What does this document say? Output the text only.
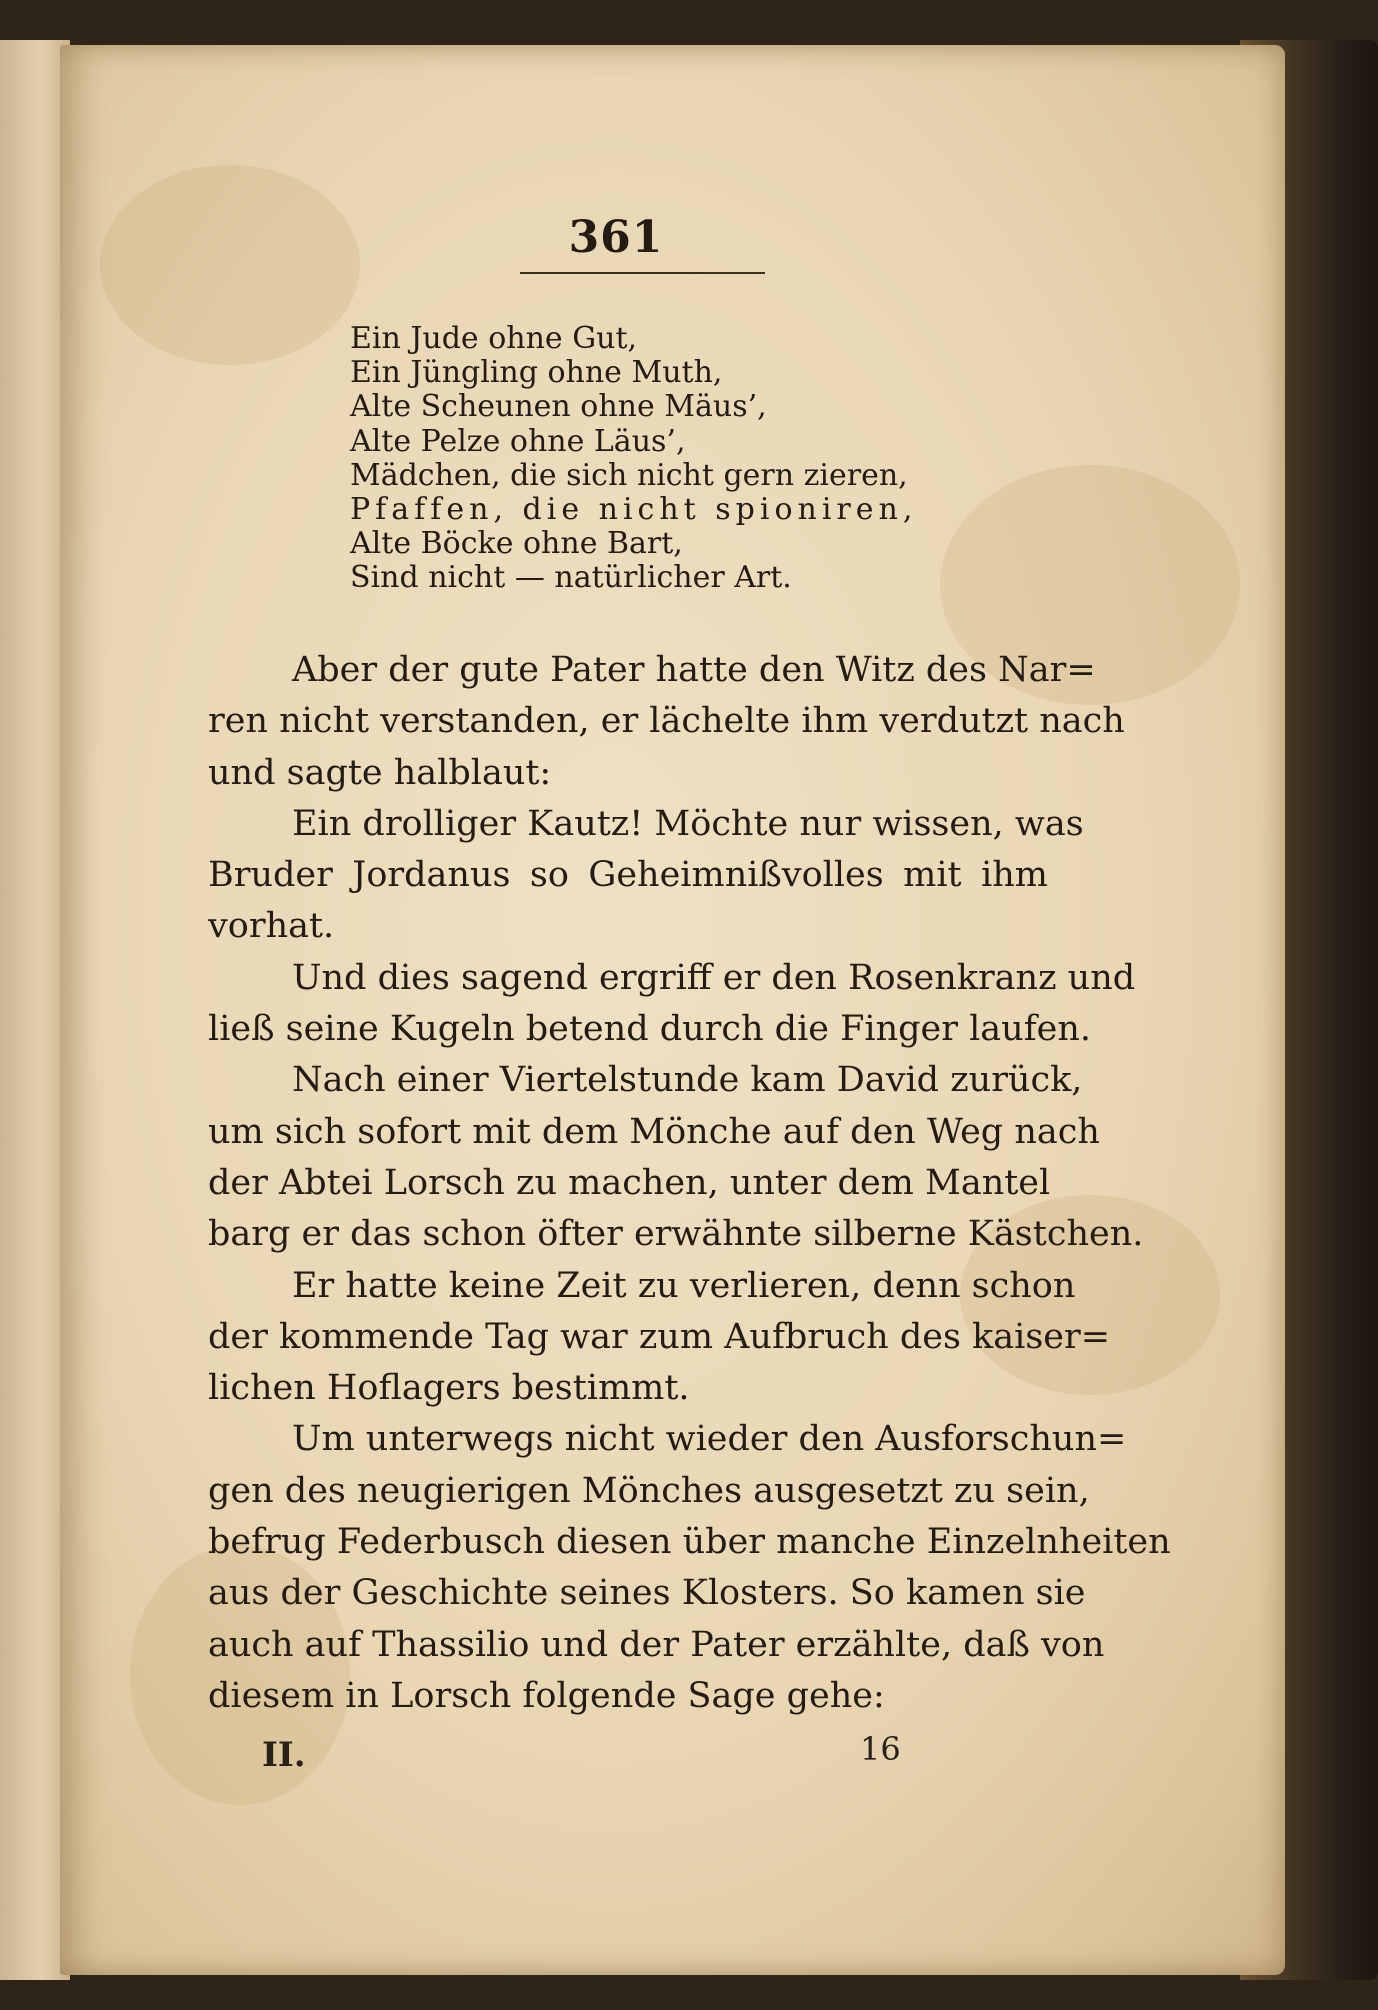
361
Ein Jude ohne Gut,
Ein Jüngling ohne Muth,
Alte Scheunen ohne Mäus’,
Alte Pelze ohne Läus’,
Mädchen, die sich nicht gern zieren,
Pfaffen, die nicht spioniren,
Alte Böcke ohne Bart,
Sind nicht — natürlicher Art.
Aber der gute Pater hatte den Witz des Nar=
ren nicht verstanden, er lächelte ihm verdutzt nach
und sagte halblaut:
Ein drolliger Kautz! Möchte nur wissen, was
Bruder Jordanus so Geheimnißvolles mit ihm
vorhat.
Und dies sagend ergriff er den Rosenkranz und
ließ seine Kugeln betend durch die Finger laufen.
Nach einer Viertelstunde kam David zurück,
um sich sofort mit dem Mönche auf den Weg nach
der Abtei Lorsch zu machen, unter dem Mantel
barg er das schon öfter erwähnte silberne Kästchen.
Er hatte keine Zeit zu verlieren, denn schon
der kommende Tag war zum Aufbruch des kaiser=
lichen Hoflagers bestimmt.
Um unterwegs nicht wieder den Ausforschun=
gen des neugierigen Mönches ausgesetzt zu sein,
befrug Federbusch diesen über manche Einzelnheiten
aus der Geschichte seines Klosters. So kamen sie
auch auf Thassilio und der Pater erzählte, daß von
diesem in Lorsch folgende Sage gehe:
II.	16
